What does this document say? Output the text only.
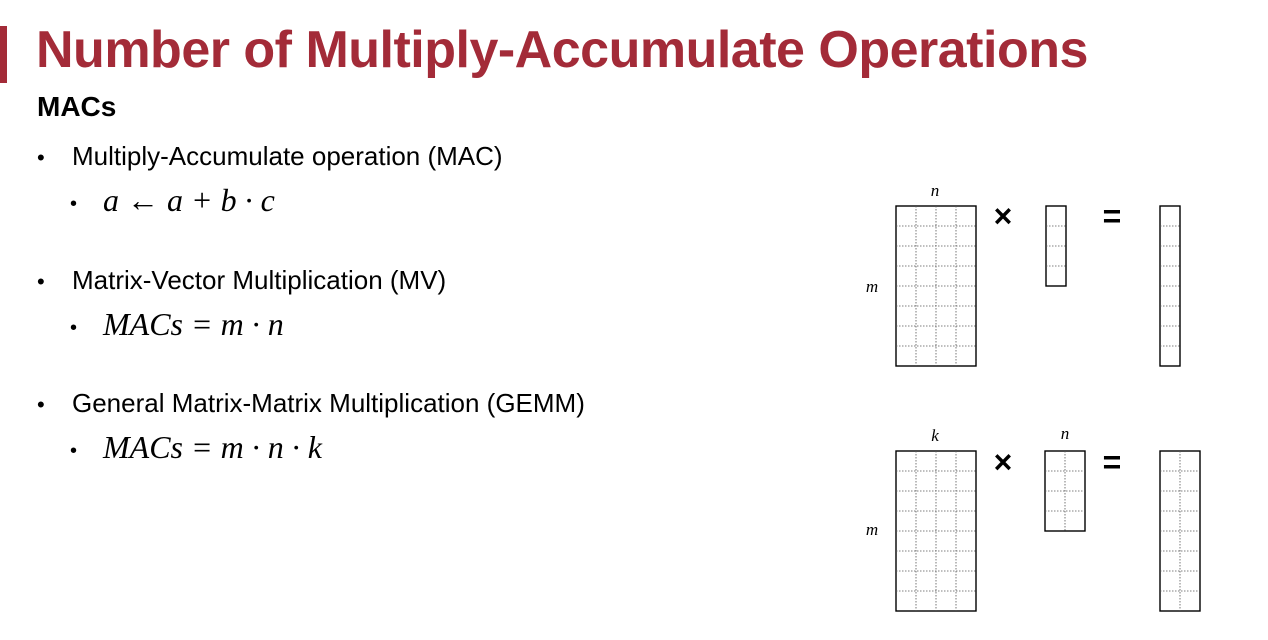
Number of Multiply-Accumulate Operations
MACs
• Multiply-Accumulate operation (MAC)
• a ← a + b · c
• Matrix-Vector Multiplication (MV)
• MACs = m · n
• General Matrix-Matrix Multiplication (GEMM)
• MACs = m · n · k
n
m
×	=
k
m
n
×	=
